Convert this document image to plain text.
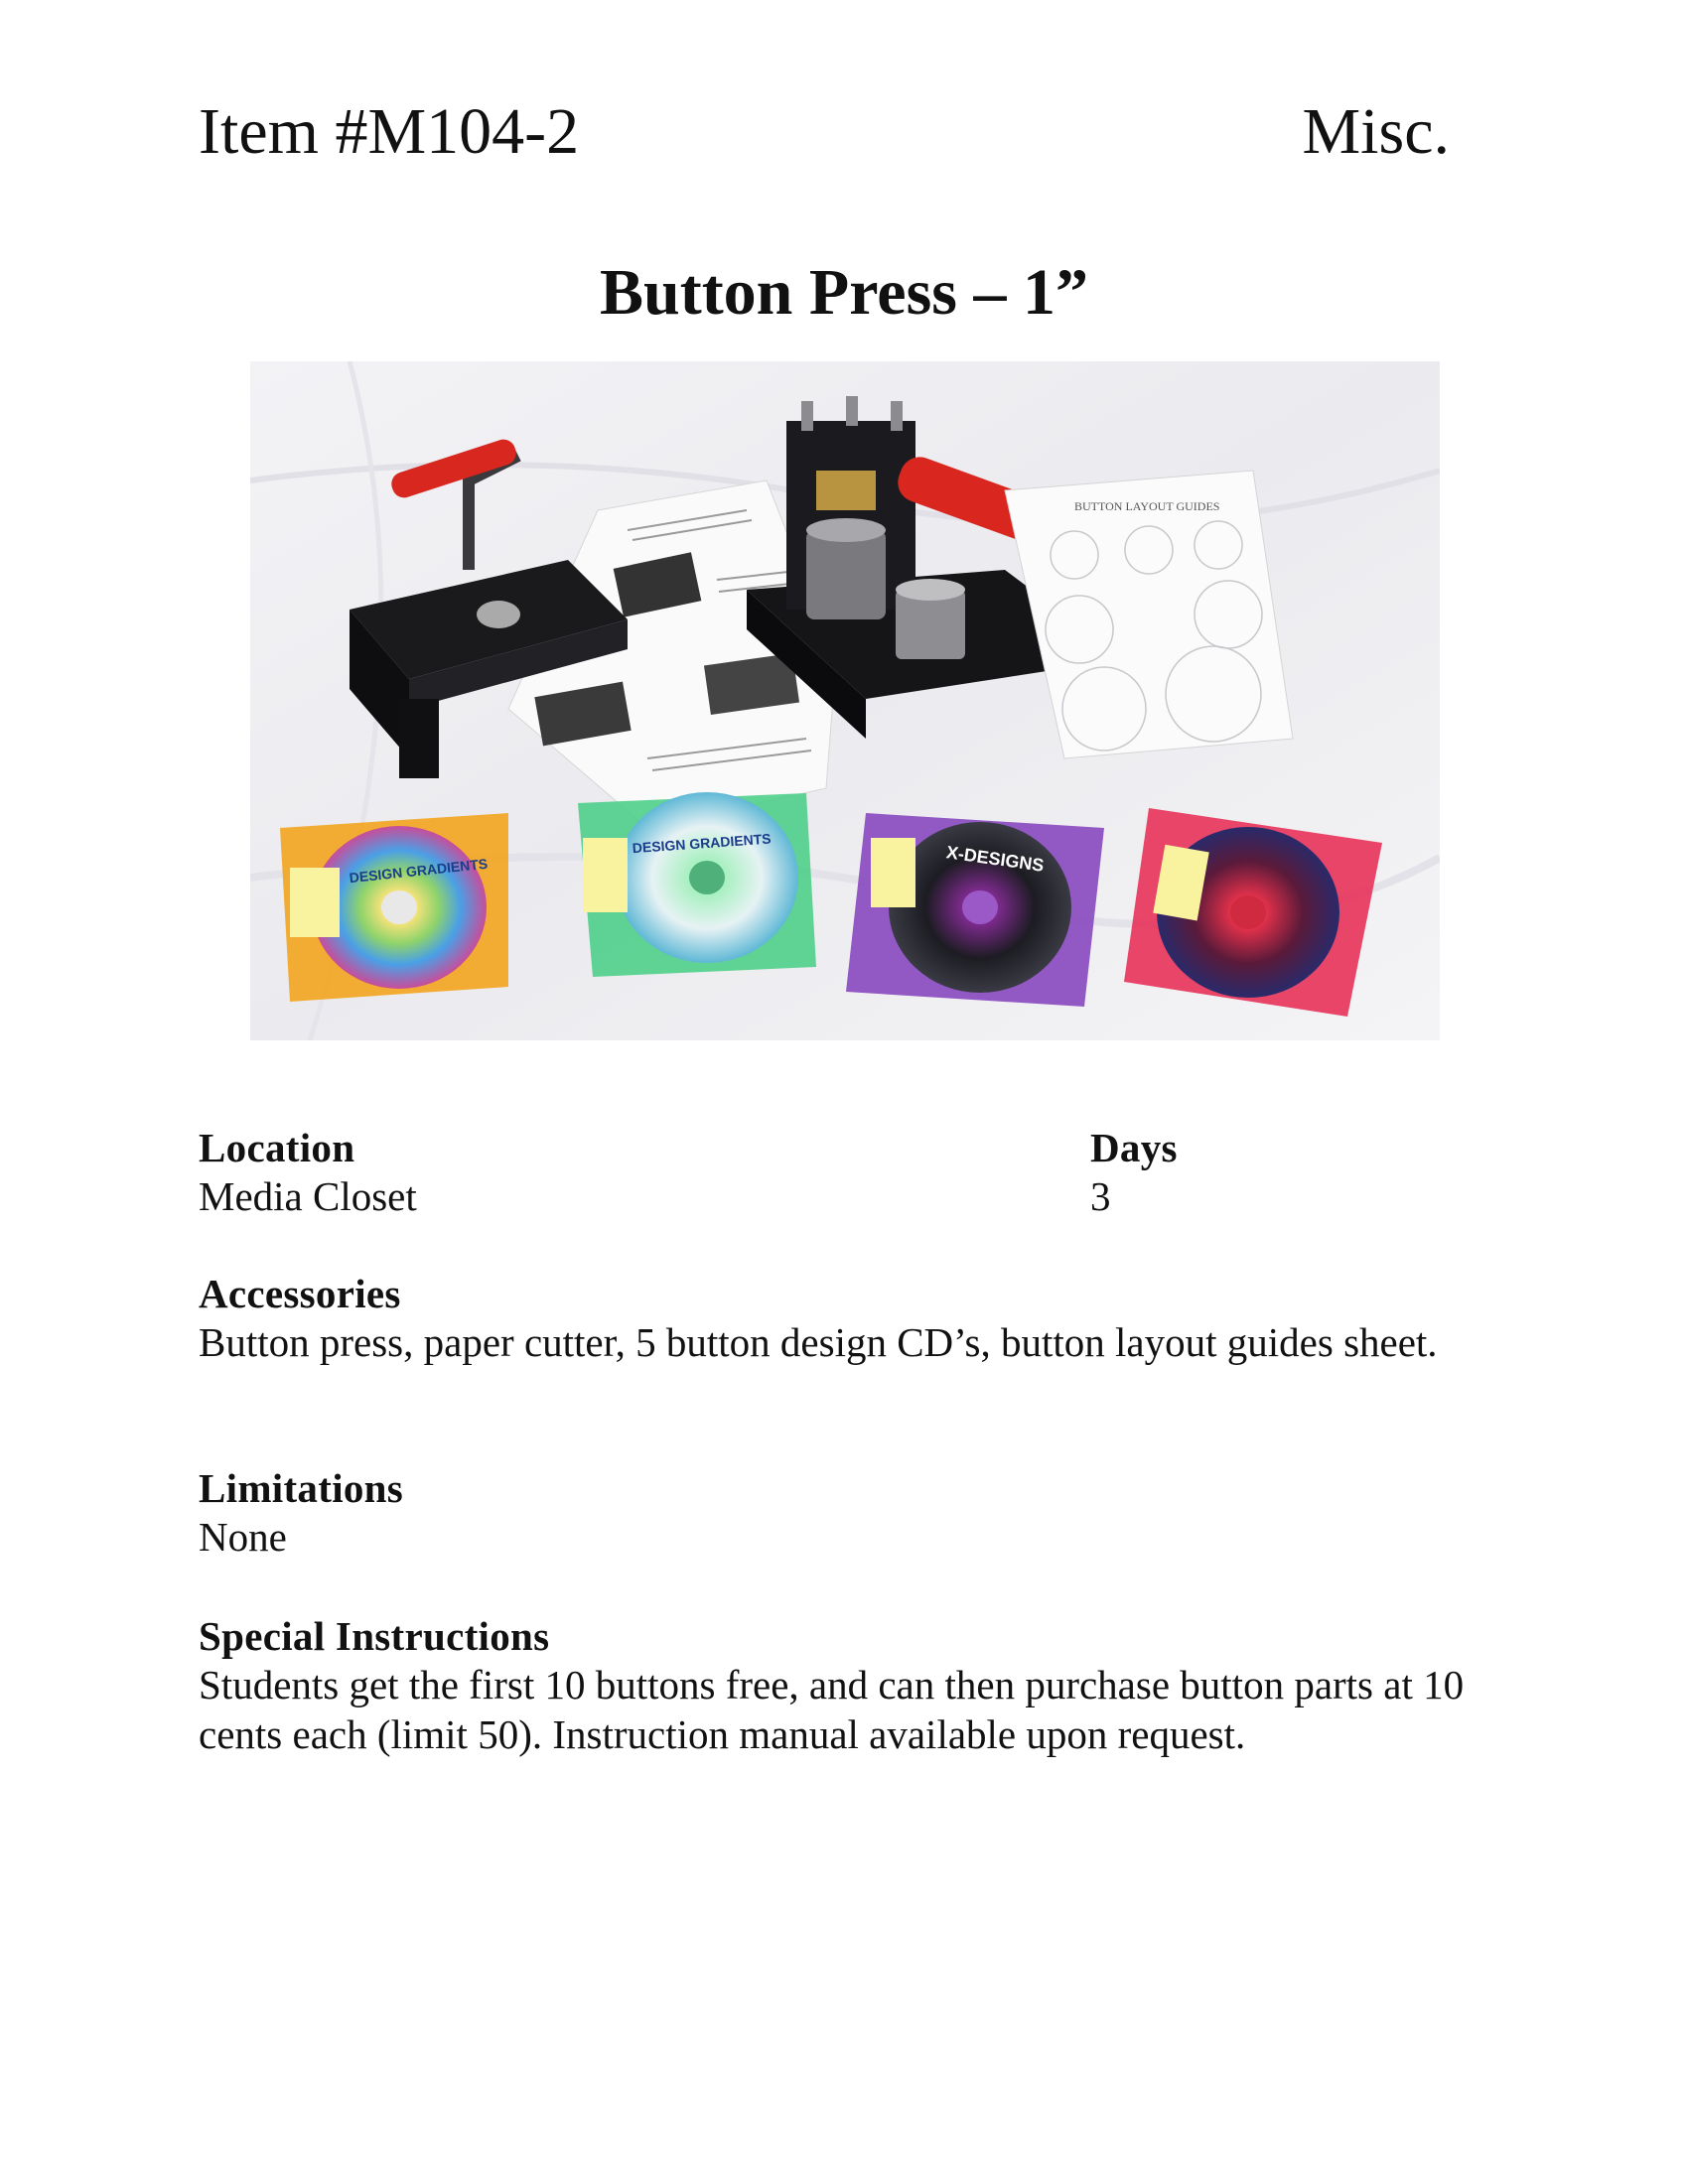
Item #M104-2	Misc.
Button Press – 1”
BUTTON LAYOUT GUIDES
DESIGN GRADIENTS
DESIGN GRADIENTS	X-DESIGNS
Location
Media Closet
Days
3
Accessories
Button press, paper cutter, 5 button design CD’s, button layout guides sheet.
Limitations
None
Special Instructions
Students get the first 10 buttons free, and can then purchase button parts at 10 cents each (limit 50). Instruction manual available upon request.
